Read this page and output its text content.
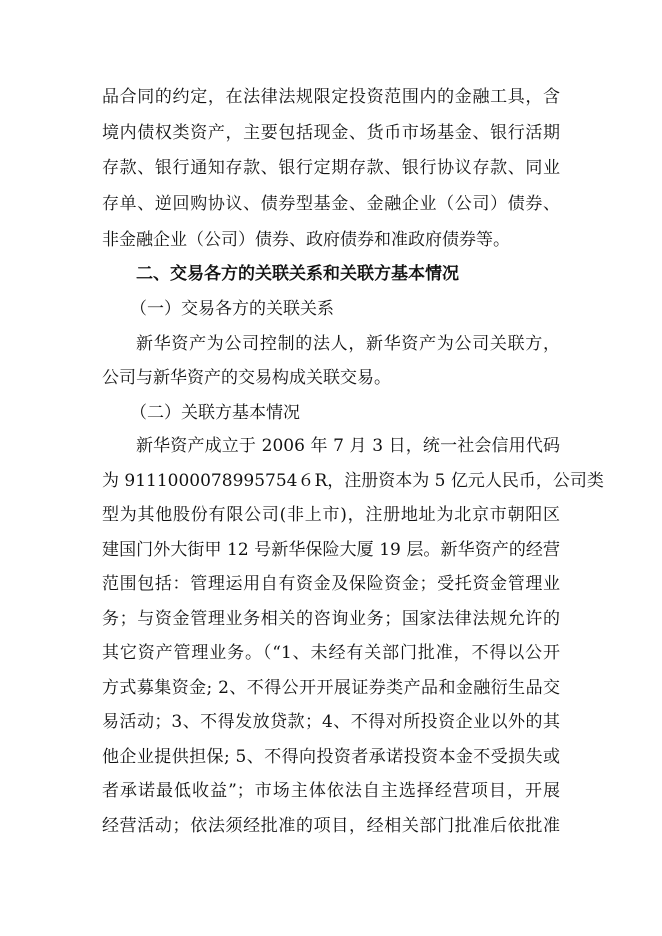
品合同的约定，在法律法规限定投资范围内的金融工具，含
境内债权类资产，主要包括现金、货币市场基金、银行活期
存款、银行通知存款、银行定期存款、银行协议存款、同业
存单、逆回购协议、债券型基金、金融企业（公司）债券、
非金融企业（公司）债券、政府债券和准政府债券等。
二、交易各方的关联关系和关联方基本情况
（一）交易各方的关联关系
新华资产为公司控制的法人，新华资产为公司关联方，
公司与新华资产的交易构成关联交易。
（二）关联方基本情况
新华资产成立于 2006 年 7 月 3 日，统一社会信用代码
为 9111000078995754６R，注册资本为 5 亿元人民币，公司类
型为其他股份有限公司(非上市)，注册地址为北京市朝阳区
建国门外大街甲 12 号新华保险大厦 19 层。新华资产的经营
范围包括：管理运用自有资金及保险资金；受托资金管理业
务；与资金管理业务相关的咨询业务；国家法律法规允许的
其它资产管理业务。（“1、未经有关部门批准，不得以公开
方式募集资金; 2、不得公开开展证券类产品和金融衍生品交
易活动；3、不得发放贷款；4、不得对所投资企业以外的其
他企业提供担保; 5、不得向投资者承诺投资本金不受损失或
者承诺最低收益”；市场主体依法自主选择经营项目，开展
经营活动；依法须经批准的项目，经相关部门批准后依批准
